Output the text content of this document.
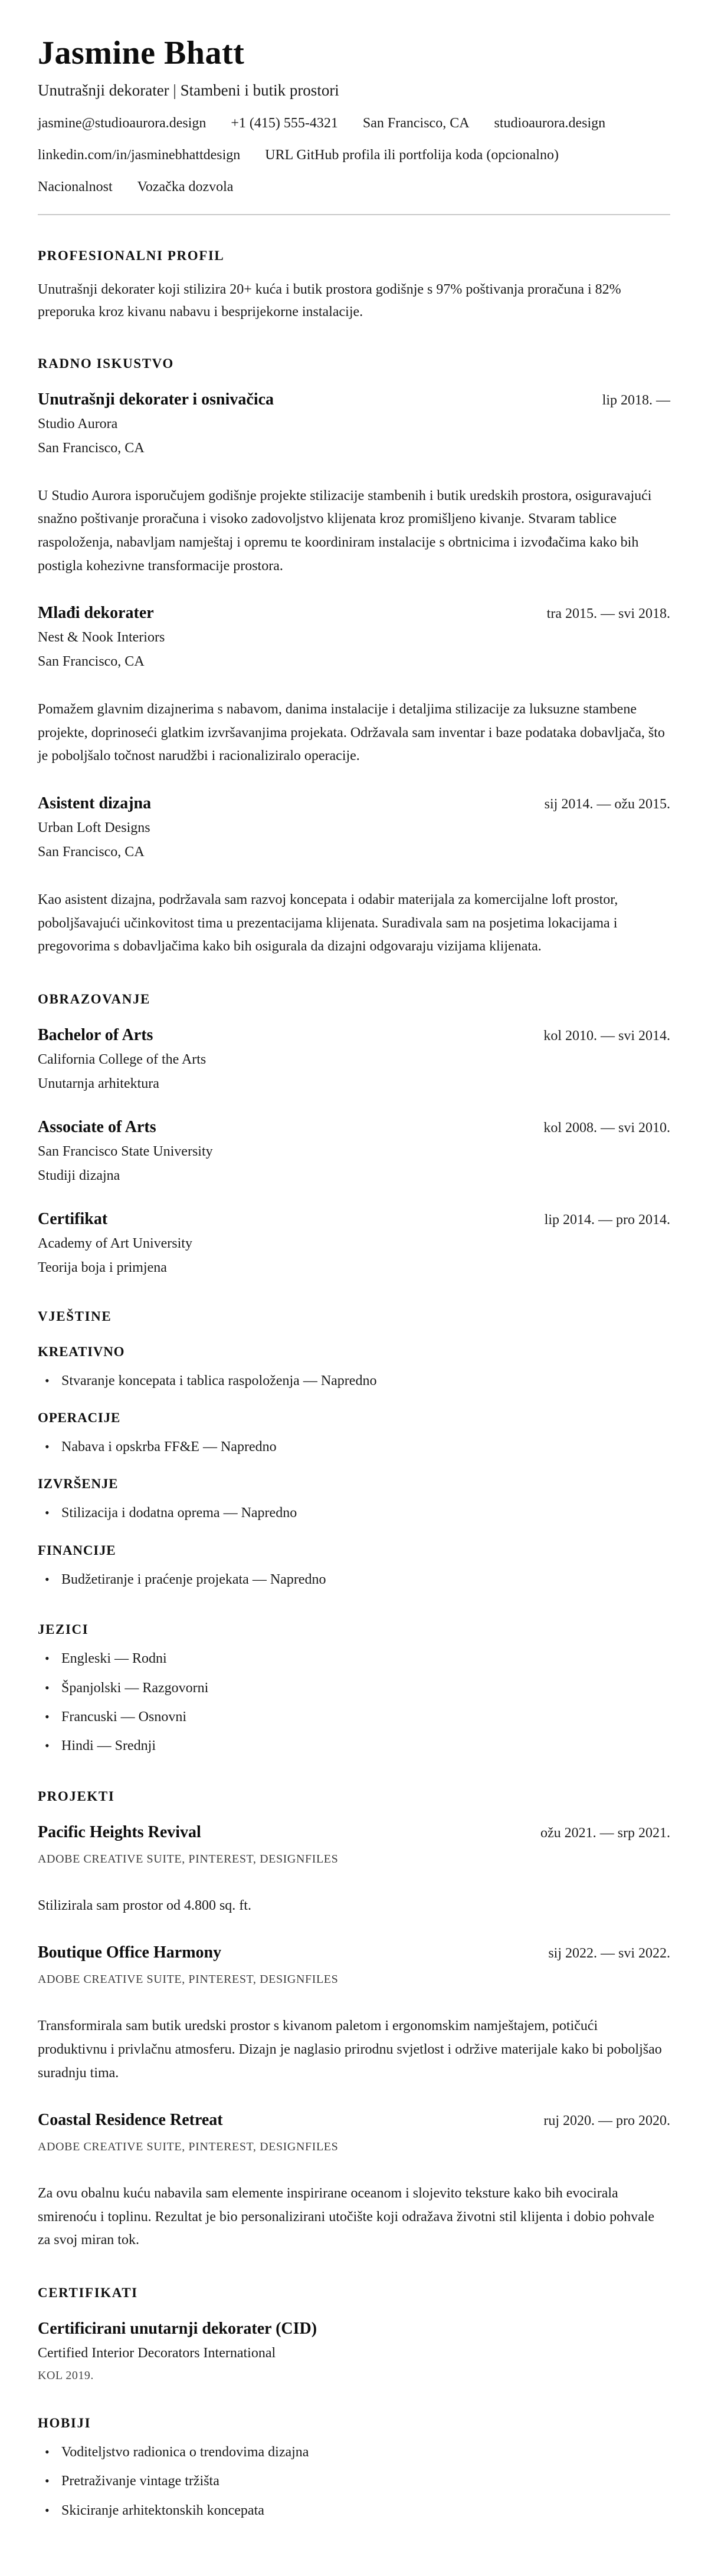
Jasmine Bhatt
Unutrašnji dekorater | Stambeni i butik prostori
jasmine@studioaurora.design +1 (415) 555-4321 San Francisco, CA studioaurora.design
linkedin.com/in/jasminebhattdesign URL GitHub profila ili portfolija koda (opcionalno)
Nacionalnost Vozačka dozvola
PROFESIONALNI PROFIL

Unutrašnji dekorater koji stilizira 20+ kuća i butik prostora godišnje s 97% poštivanja proračuna i 82% preporuka kroz kivanu nabavu i besprijekorne instalacije.

RADNO ISKUSTVO
Unutrašnji dekorater i osnivačica	lip 2018. —
Studio Aurora
San Francisco, CA

U Studio Aurora isporučujem godišnje projekte stilizacije stambenih i butik uredskih prostora, osiguravajući snažno poštivanje proračuna i visoko zadovoljstvo klijenata kroz promišljeno kivanje. Stvaram tablice raspoloženja, nabavljam namještaj i opremu te koordiniram instalacije s obrtnicima i izvođačima kako bih postigla kohezivne transformacije prostora.

Mlađi dekorater	tra 2015. — svi 2018.
Nest & Nook Interiors
San Francisco, CA

Pomažem glavnim dizajnerima s nabavom, danima instalacije i detaljima stilizacije za luksuzne stambene projekte, doprinoseći glatkim izvršavanjima projekata. Održavala sam inventar i baze podataka dobavljača, što je poboljšalo točnost narudžbi i racionaliziralo operacije.

Asistent dizajna	sij 2014. — ožu 2015.
Urban Loft Designs
San Francisco, CA

Kao asistent dizajna, podržavala sam razvoj koncepata i odabir materijala za komercijalne loft prostor, poboljšavajući učinkovitost tima u prezentacijama klijenata. Suradivala sam na posjetima lokacijama i pregovorima s dobavljačima kako bih osigurala da dizajni odgovaraju vizijama klijenata.

OBRAZOVANJE
Bachelor of Arts	kol 2010. — svi 2014.
California College of the Arts
Unutarnja arhitektura
Associate of Arts	kol 2008. — svi 2010.
San Francisco State University
Studiji dizajna
Certifikat	lip 2014. — pro 2014.
Academy of Art University
Teorija boja i primjena
VJEŠTINE
KREATIVNO
• Stvaranje koncepata i tablica raspoloženja — Napredno
OPERACIJE
• Nabava i opskrba FF&E — Napredno
IZVRŠENJE
• Stilizacija i dodatna oprema — Napredno
FINANCIJE
• Budžetiranje i praćenje projekata — Napredno
JEZICI
• Engleski — Rodni
• Španjolski — Razgovorni
• Francuski — Osnovni
• Hindi — Srednji
PROJEKTI
Pacific Heights Revival	ožu 2021. — srp 2021.
ADOBE CREATIVE SUITE, PINTEREST, DESIGNFILES

Stilizirala sam prostor od 4.800 sq. ft.

Boutique Office Harmony	sij 2022. — svi 2022.
ADOBE CREATIVE SUITE, PINTEREST, DESIGNFILES

Transformirala sam butik uredski prostor s kivanom paletom i ergonomskim namještajem, potičući produktivnu i privlačnu atmosferu. Dizajn je naglasio prirodnu svjetlost i održive materijale kako bi poboljšao suradnju tima.

Coastal Residence Retreat	ruj 2020. — pro 2020.
ADOBE CREATIVE SUITE, PINTEREST, DESIGNFILES

Za ovu obalnu kuću nabavila sam elemente inspirirane oceanom i slojevito teksture kako bih evocirala smirenoću i toplinu. Rezultat je bio personalizirani utočište koji odražava životni stil klijenta i dobio pohvale za svoj miran tok.

CERTIFIKATI
Certificirani unutarnji dekorater (CID)
Certified Interior Decorators International
KOL 2019.
HOBIJI
• Voditeljstvo radionica o trendovima dizajna
• Pretraživanje vintage tržišta
• Skiciranje arhitektonskih koncepata
